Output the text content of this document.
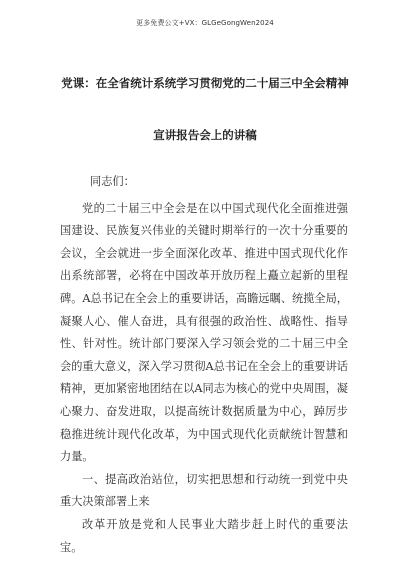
更多免费公文+VX：GLGeGongWen2024
党课：在全省统计系统学习贯彻党的二十届三中全会精神
宣讲报告会上的讲稿
同志们：

党的二十届三中全会是在以中国式现代化全面推进强国建设、民族复兴伟业的关键时期举行的一次十分重要的会议，全会就进一步全面深化改革、推进中国式现代化作出系统部署，必将在中国改革开放历程上矗立起新的里程碑。A总书记在全会上的重要讲话，高瞻远瞩、统揽全局，凝聚人心、催人奋进，具有很强的政治性、战略性、指导性、针对性。统计部门要深入学习领会党的二十届三中全会的重大意义，深入学习贯彻A总书记在全会上的重要讲话精神，更加紧密地团结在以A同志为核心的党中央周围，凝心聚力、奋发进取，以提高统计数据质量为中心，踔厉步稳推进统计现代化改革，为中国式现代化贡献统计智慧和力量。

一、提高政治站位，切实把思想和行动统一到党中央重大决策部署上来

改革开放是党和人民事业大踏步赶上时代的重要法宝。
